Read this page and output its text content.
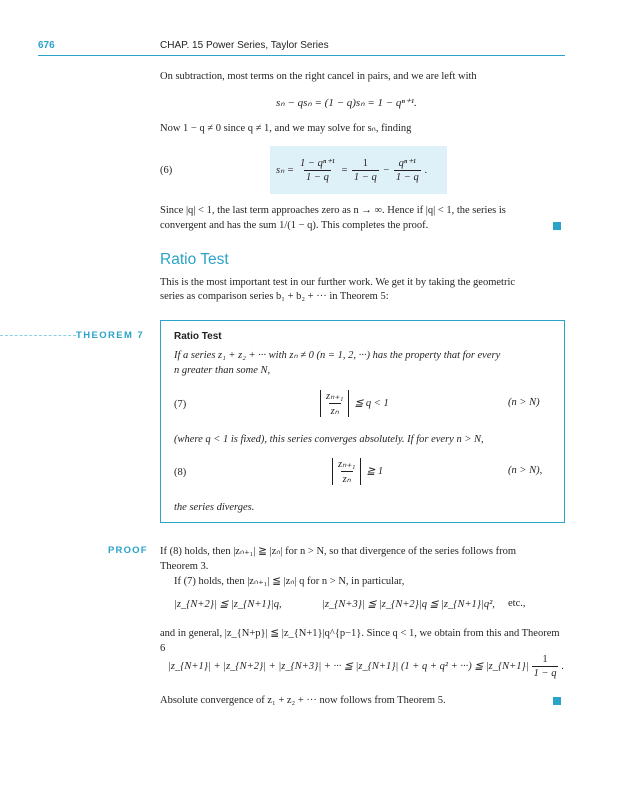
676	CHAP. 15 Power Series, Taylor Series
On subtraction, most terms on the right cancel in pairs, and we are left with
sₙ − qsₙ = (1 − q)sₙ = 1 − qⁿ⁺¹.
Now 1 − q ≠ 0 since q ≠ 1, and we may solve for sₙ, finding
(6)	$s_n = \frac{\text{1 − qⁿ⁺¹}}{1 - q} = \frac{1}{1 - q} - \frac{\text{qⁿ⁺¹}}{1 - q}$ .
Since |q| < 1, the last term approaches zero as n → ∞. Hence if |q| < 1, the series is
convergent and has the sum 1/(1 − q). This completes the proof.
Ratio Test
This is the most important test in our further work. We get it by taking the geometric
series as comparison series b₁ + b₂ + ··· in Theorem 5:
THEOREM 7	Ratio Test
If a series z₁ + z₂ + ··· with zₙ ≠ 0 (n = 1, 2, ···) has the property that for every
n greater than some N,
(7)	$\frac{\text{zₙ₊₁}}{\text{zₙ}}$ ≦ q < 1	(n > N)
(where q < 1 is fixed), this series converges absolutely. If for every n > N,
(8)	$\frac{\text{zₙ₊₁}}{\text{zₙ}}$ ≧ 1	(n > N),
the series diverges.
PROOF If (8) holds, then |zₙ₊₁| ≧ |zₙ| for n > N, so that divergence of the series follows from
Theorem 3.
If (7) holds, then |zₙ₊₁| ≦ |zₙ| q for n > N, in particular,
|z_{N+2}| ≦ |z_{N+1}|q,	|z_{N+3}| ≦ |z_{N+2}|q ≦ |z_{N+1}|q², etc.,
and in general, |z_{N+p}| ≦ |z_{N+1}|q^{p−1}. Since q < 1, we obtain from this and Theorem 6
|z_{N+1}| + |z_{N+2}| + |z_{N+3}| + ··· ≦ |z_{N+1}| (1 + q + q² + ···) ≦ |z_{N+1}| $\frac{1}{1 - q}$ .
Absolute convergence of z₁ + z₂ + ··· now follows from Theorem 5.
